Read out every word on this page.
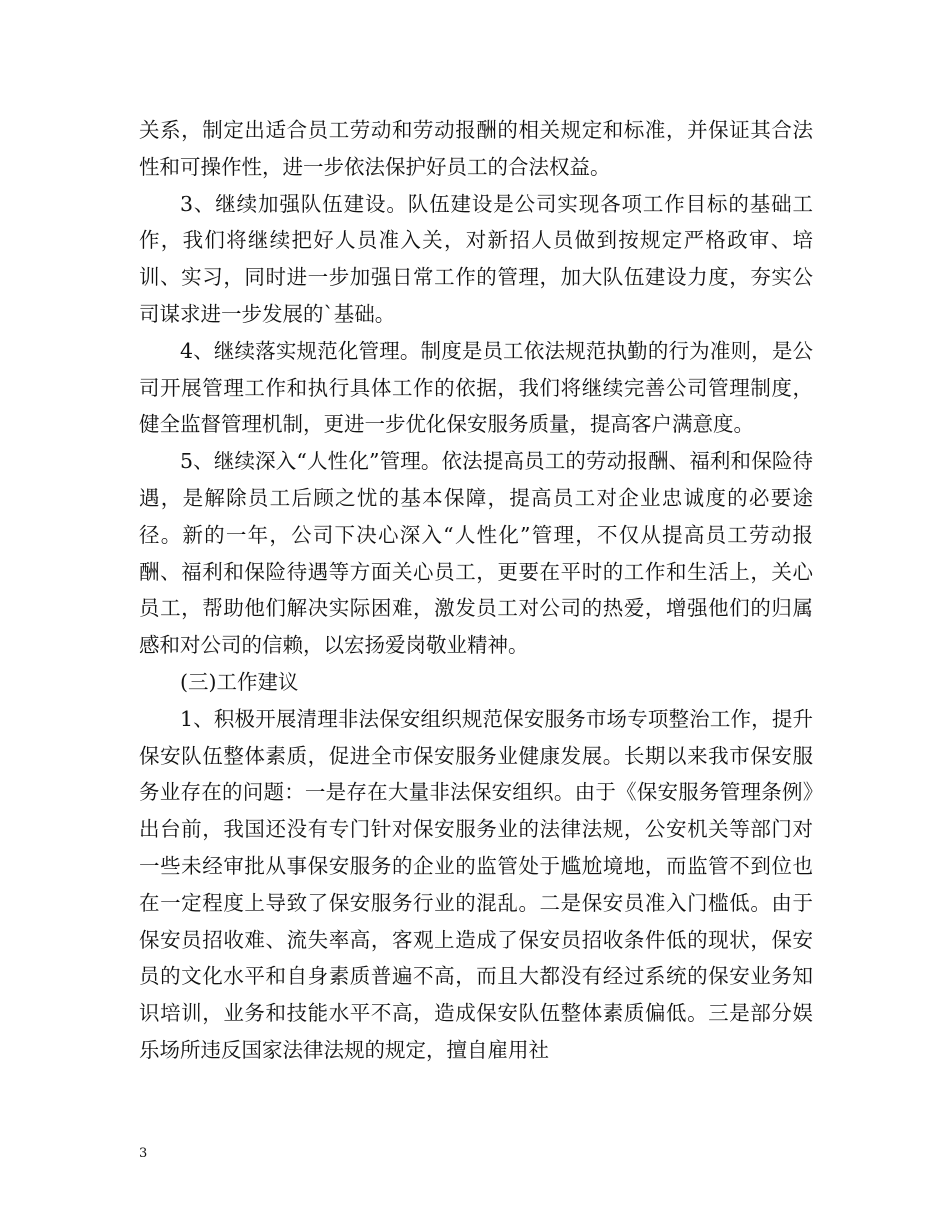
关系，制定出适合员工劳动和劳动报酬的相关规定和标准，并保证其合法性和可操作性，进一步依法保护好员工的合法权益。

3、继续加强队伍建设。队伍建设是公司实现各项工作目标的基础工作，我们将继续把好人员准入关，对新招人员做到按规定严格政审、培训、实习，同时进一步加强日常工作的管理，加大队伍建设力度，夯实公司谋求进一步发展的`基础。

4、继续落实规范化管理。制度是员工依法规范执勤的行为准则，是公司开展管理工作和执行具体工作的依据，我们将继续完善公司管理制度，健全监督管理机制，更进一步优化保安服务质量，提高客户满意度。

5、继续深入“人性化”管理。依法提高员工的劳动报酬、福利和保险待遇，是解除员工后顾之忧的基本保障，提高员工对企业忠诚度的必要途径。新的一年，公司下决心深入“人性化”管理，不仅从提高员工劳动报酬、福利和保险待遇等方面关心员工，更要在平时的工作和生活上，关心员工，帮助他们解决实际困难，激发员工对公司的热爱，增强他们的归属感和对公司的信赖，以宏扬爱岗敬业精神。

(三)工作建议

1、积极开展清理非法保安组织规范保安服务市场专项整治工作，提升保安队伍整体素质，促进全市保安服务业健康发展。长期以来我市保安服务业存在的问题：一是存在大量非法保安组织。由于《保安服务管理条例》出台前，我国还没有专门针对保安服务业的法律法规，公安机关等部门对一些未经审批从事保安服务的企业的监管处于尴尬境地，而监管不到位也在一定程度上导致了保安服务行业的混乱。二是保安员准入门槛低。由于保安员招收难、流失率高，客观上造成了保安员招收条件低的现状，保安员的文化水平和自身素质普遍不高，而且大都没有经过系统的保安业务知识培训，业务和技能水平不高，造成保安队伍整体素质偏低。三是部分娱乐场所违反国家法律法规的规定，擅自雇用社

3
